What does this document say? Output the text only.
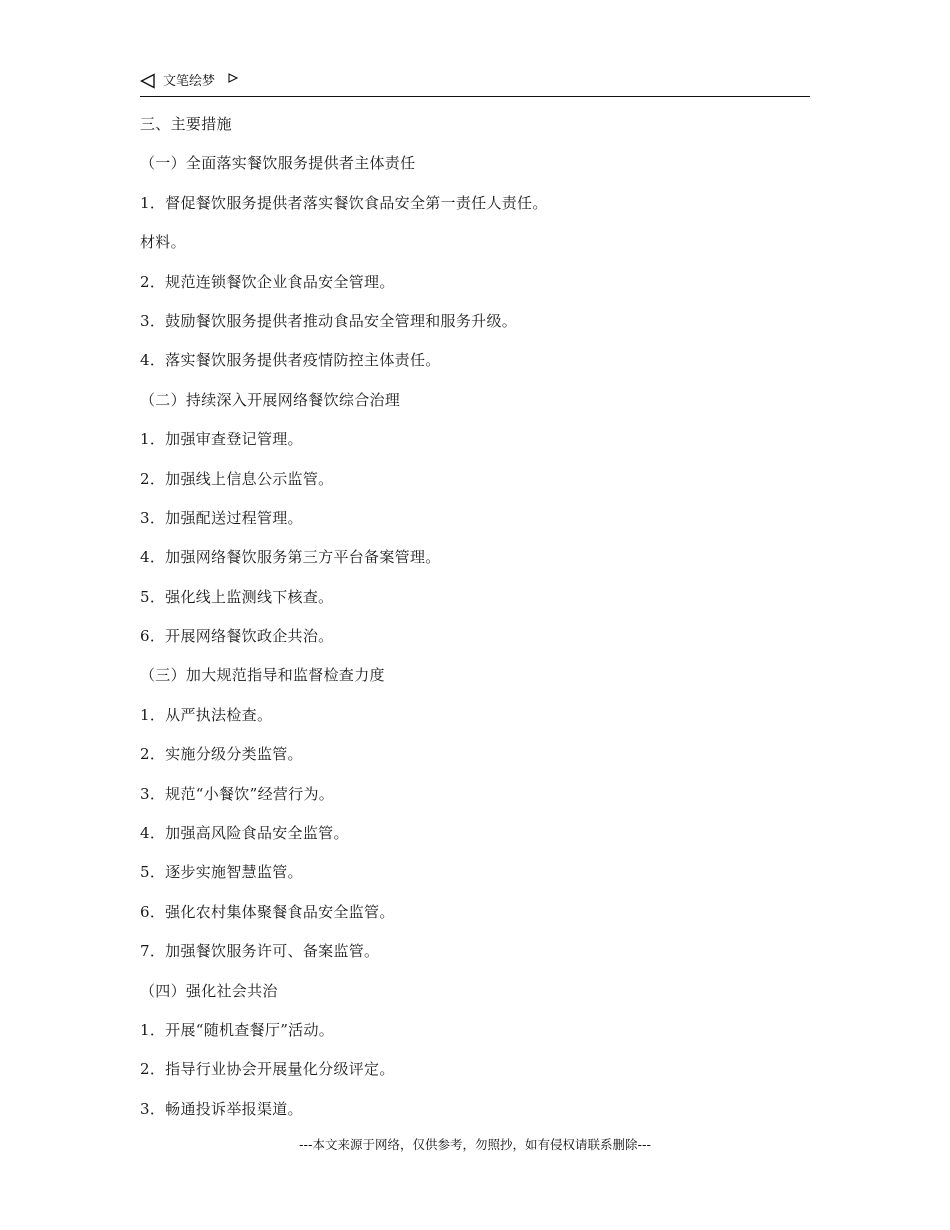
文笔绘梦
三、主要措施
（一）全面落实餐饮服务提供者主体责任
1．督促餐饮服务提供者落实餐饮食品安全第一责任人责任。
材料。
2．规范连锁餐饮企业食品安全管理。
3．鼓励餐饮服务提供者推动食品安全管理和服务升级。
4．落实餐饮服务提供者疫情防控主体责任。
（二）持续深入开展网络餐饮综合治理
1．加强审查登记管理。
2．加强线上信息公示监管。
3．加强配送过程管理。
4．加强网络餐饮服务第三方平台备案管理。
5．强化线上监测线下核查。
6．开展网络餐饮政企共治。
（三）加大规范指导和监督检查力度
1．从严执法检查。
2．实施分级分类监管。
3．规范“小餐饮”经营行为。
4．加强高风险食品安全监管。
5．逐步实施智慧监管。
6．强化农村集体聚餐食品安全监管。
7．加强餐饮服务许可、备案监管。
（四）强化社会共治
1．开展“随机查餐厅”活动。
2．指导行业协会开展量化分级评定。
3．畅通投诉举报渠道。
---本文来源于网络，仅供参考，勿照抄，如有侵权请联系删除---
